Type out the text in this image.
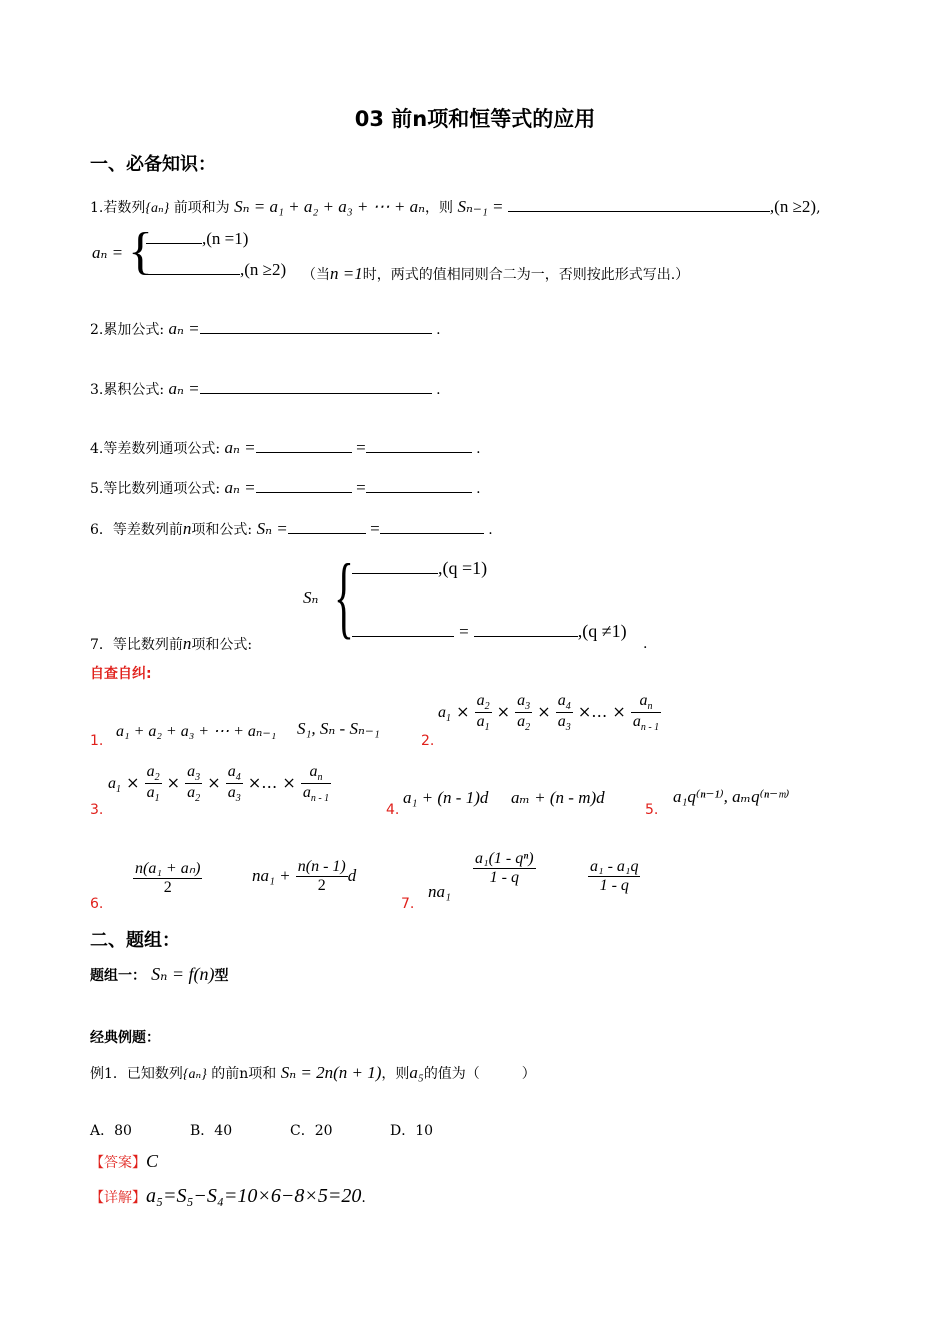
03 前n项和恒等式的应用
一、必备知识：
1.若数列{aₙ} 前项和为 Sₙ = a₁ + a₂ + a₃ + ⋯ + aₙ，则 Sₙ₋₁ =	,(n ≥2),
aₙ = {	,(n =1)
,(n ≥2) （当n =1时，两式的值相同则合二为一，否则按此形式写出.）
2.累加公式: aₙ =	.
3.累积公式: aₙ =	.
4.等差数列通项公式: aₙ =	=	.
5.等比数列通项公式: aₙ =	=	.
6．等差数列前n项和公式: Sₙ =	=	.
Sₙ {	,(q =1)
7．等比数列前n项和公式:
=	,(q ≠1)
.
自查自纠:
1.
a₁ + a₂ + a₃ + ⋯ + aₙ₋₁ S₁, Sₙ - Sₙ₋₁
2.
$a_1 \times \frac{a_2}{a_1} \times \frac{a_3}{a_2} \times \frac{a_4}{a_3}$ ×… × $\frac{a_n}{a_{n - 1}}$
3.
$a_1 \times \frac{a_2}{a_1} \times \frac{a_3}{a_2} \times \frac{a_4}{a_3}$ ×… × $\frac{a_n}{a_{n - 1}}$
4.
a₁ + (n - 1)d aₘ + (n - m)d
5.
a₁q⁽ⁿ⁻¹⁾, aₘq⁽ⁿ⁻ᵐ⁾
6.
$\frac{\text{n(a₁ + aₙ)}}{2}$	$na_1 + \frac{n(n - 1)}{2}$ d
7.
na₁
$\frac{\text{a₁(1 - qⁿ)}}{1 - q}$	$\frac{\text{a₁ - a₁q}}{1 - q}$
二、题组：
题组一： Sₙ = f(n)型
经典例题：
例1．已知数列{aₙ} 的前n项和 Sₙ = 2n(n + 1)，则a₅的值为（　　　）
A．80	B．40	C．20	D．10
【答案】C
【详解】a₅=S₅−S₄=10×6−8×5=20.
